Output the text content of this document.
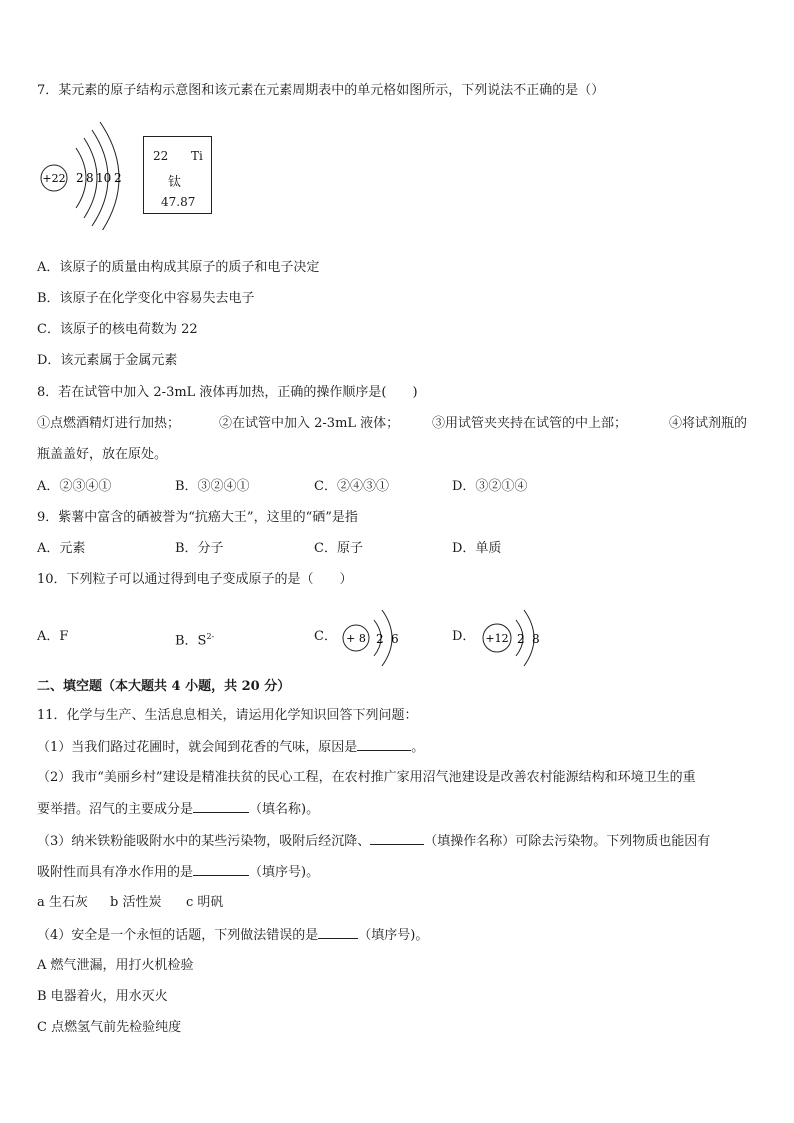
7．某元素的原子结构示意图和该元素在元素周期表中的单元格如图所示，下列说法不正确的是（）
+22 2 8 10 2
22 Ti
钛
47.87
A．该原子的质量由构成其原子的质子和电子决定
B．该原子在化学变化中容易失去电子
C．该原子的核电荷数为 22
D．该元素属于金属元素
8．若在试管中加入 2-3mL 液体再加热，正确的操作顺序是(　　)
①点燃酒精灯进行加热；	②在试管中加入 2-3mL 液体；	③用试管夹夹持在试管的中上部；	④将试剂瓶的
瓶盖盖好，放在原处。
A．②③④①	B．③②④①	C．②④③①	D．③②①④
9．紫薯中富含的硒被誉为“抗癌大王”，这里的“硒”是指
A．元素	B．分子	C．原子	D．单质
10．下列粒子可以通过得到电子变成原子的是（　　）
A．F	B．$S^{2-}$	C． + 8 2 6	D． +12 2 8
二、填空题（本大题共 4 小题，共 20 分）
11．化学与生产、生活息息相关，请运用化学知识回答下列问题：
（1）当我们路过花圃时，就会闻到花香的气味，原因是	。
（2）我市“美丽乡村”建设是精准扶贫的民心工程，在农村推广家用沼气池建设是改善农村能源结构和环境卫生的重
要举措。沼气的主要成分是	（填名称)。
（3）纳米铁粉能吸附水中的某些污染物，吸附后经沉降、	（填操作名称）可除去污染物。下列物质也能因有
吸附性而具有净水作用的是	（填序号)。
a 生石灰 b 活性炭 c 明矾
（4）安全是一个永恒的话题，下列做法错误的是	（填序号)。
A 燃气泄漏，用打火机检验
B 电器着火，用水灭火
C 点燃氢气前先检验纯度
